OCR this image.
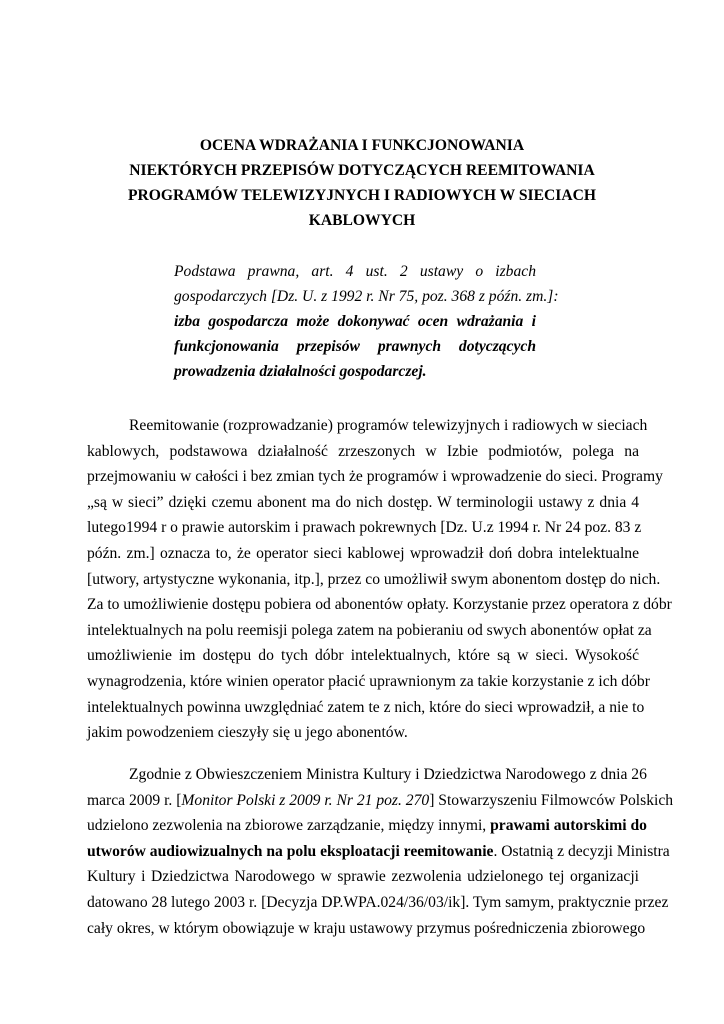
OCENA WDRAŻANIA I FUNKCJONOWANIA
NIEKTÓRYCH PRZEPISÓW DOTYCZĄCYCH REEMITOWANIA
PROGRAMÓW TELEWIZYJNYCH I RADIOWYCH W SIECIACH
KABLOWYCH
Podstawa prawna, art. 4 ust. 2 ustawy o izbach
gospodarczych [Dz. U. z 1992 r. Nr 75, poz. 368 z późn. zm.]:
izba gospodarcza może dokonywać ocen wdrażania i
funkcjonowania przepisów prawnych dotyczących
prowadzenia działalności gospodarczej.
Reemitowanie (rozprowadzanie) programów telewizyjnych i radiowych w sieciach
kablowych, podstawowa działalność zrzeszonych w Izbie podmiotów, polega na
przejmowaniu w całości i bez zmian tych że programów i wprowadzenie do sieci. Programy
„są w sieci” dzięki czemu abonent ma do nich dostęp. W terminologii ustawy z dnia 4
lutego1994 r o prawie autorskim i prawach pokrewnych [Dz. U.z 1994 r. Nr 24 poz. 83 z
późn. zm.] oznacza to, że operator sieci kablowej wprowadził doń dobra intelektualne
[utwory, artystyczne wykonania, itp.], przez co umożliwił swym abonentom dostęp do nich.
Za to umożliwienie dostępu pobiera od abonentów opłaty. Korzystanie przez operatora z dóbr
intelektualnych na polu reemisji polega zatem na pobieraniu od swych abonentów opłat za
umożliwienie im dostępu do tych dóbr intelektualnych, które są w sieci. Wysokość
wynagrodzenia, które winien operator płacić uprawnionym za takie korzystanie z ich dóbr
intelektualnych powinna uwzględniać zatem te z nich, które do sieci wprowadził, a nie to
jakim powodzeniem cieszyły się u jego abonentów.
Zgodnie z Obwieszczeniem Ministra Kultury i Dziedzictwa Narodowego z dnia 26
marca 2009 r. [Monitor Polski z 2009 r. Nr 21 poz. 270] Stowarzyszeniu Filmowców Polskich
udzielono zezwolenia na zbiorowe zarządzanie, między innymi, prawami autorskimi do
utworów audiowizualnych na polu eksploatacji reemitowanie. Ostatnią z decyzji Ministra
Kultury i Dziedzictwa Narodowego w sprawie zezwolenia udzielonego tej organizacji
datowano 28 lutego 2003 r. [Decyzja DP.WPA.024/36/03/ik]. Tym samym, praktycznie przez
cały okres, w którym obowiązuje w kraju ustawowy przymus pośredniczenia zbiorowego
